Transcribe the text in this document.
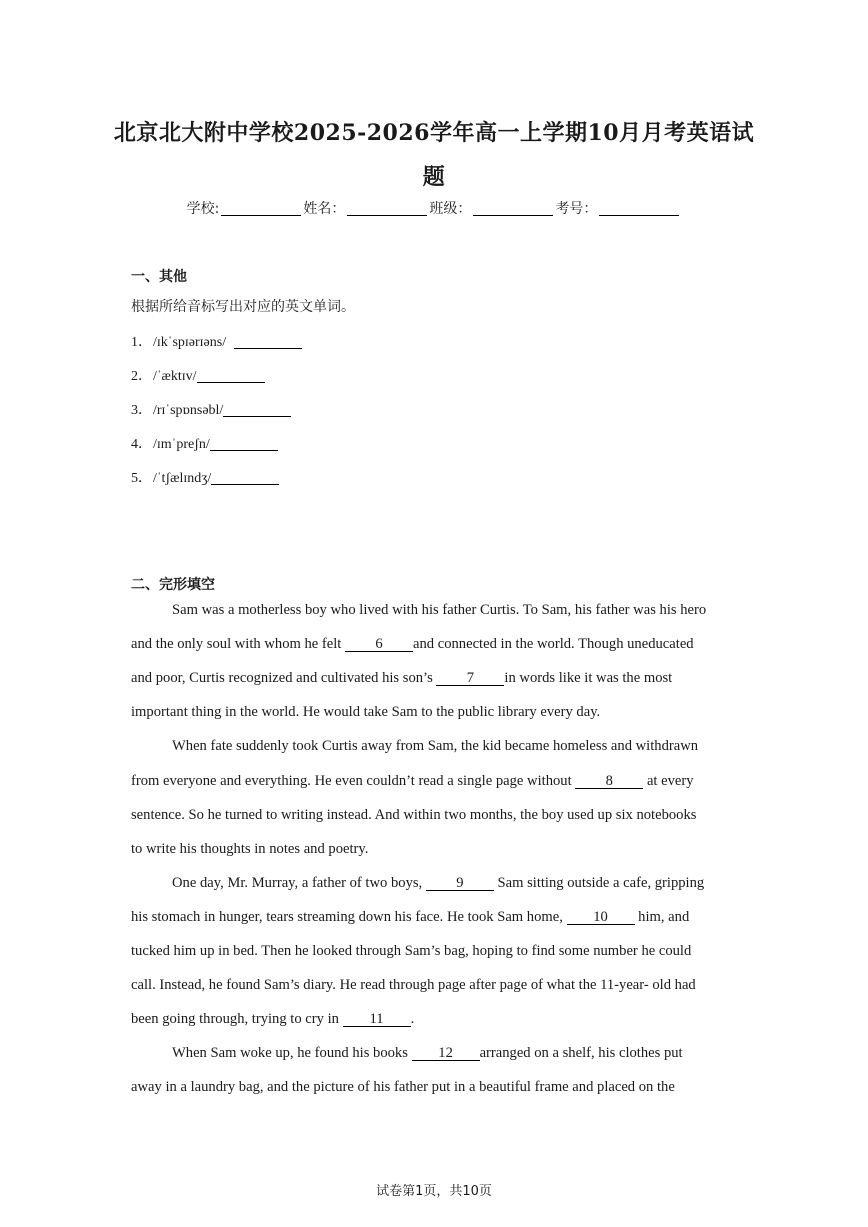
北京北大附中学校2025-2026学年高一上学期10月月考英语试
题
学校:	姓名：	班级：	考号：
一、其他
根据所给音标写出对应的英文单词。
1．/ɪkˈspɪərɪəns/
2．/ˈæktɪv/
3．/rɪˈspɒnsəbl/
4．/ɪmˈpreʃn/
5．/ˈtʃælɪndʒ/
二、完形填空
Sam was a motherless boy who lived with his father Curtis. To Sam, his father was his hero
and the only soul with whom he felt 6 and connected in the world. Though uneducated
and poor, Curtis recognized and cultivated his son’s 7 in words like it was the most
important thing in the world. He would take Sam to the public library every day.
When fate suddenly took Curtis away from Sam, the kid became homeless and withdrawn
from everyone and everything. He even couldn’t read a single page without 8 at every
sentence. So he turned to writing instead. And within two months, the boy used up six notebooks
to write his thoughts in notes and poetry.
One day, Mr. Murray, a father of two boys, 9 Sam sitting outside a cafe, gripping
his stomach in hunger, tears streaming down his face. He took Sam home, 10 him, and
tucked him up in bed. Then he looked through Sam’s bag, hoping to find some number he could
call. Instead, he found Sam’s diary. He read through page after page of what the 11-year- old had
been going through, trying to cry in 11 .
When Sam woke up, he found his books 12 arranged on a shelf, his clothes put
away in a laundry bag, and the picture of his father put in a beautiful frame and placed on the
试卷第1页，共10页
